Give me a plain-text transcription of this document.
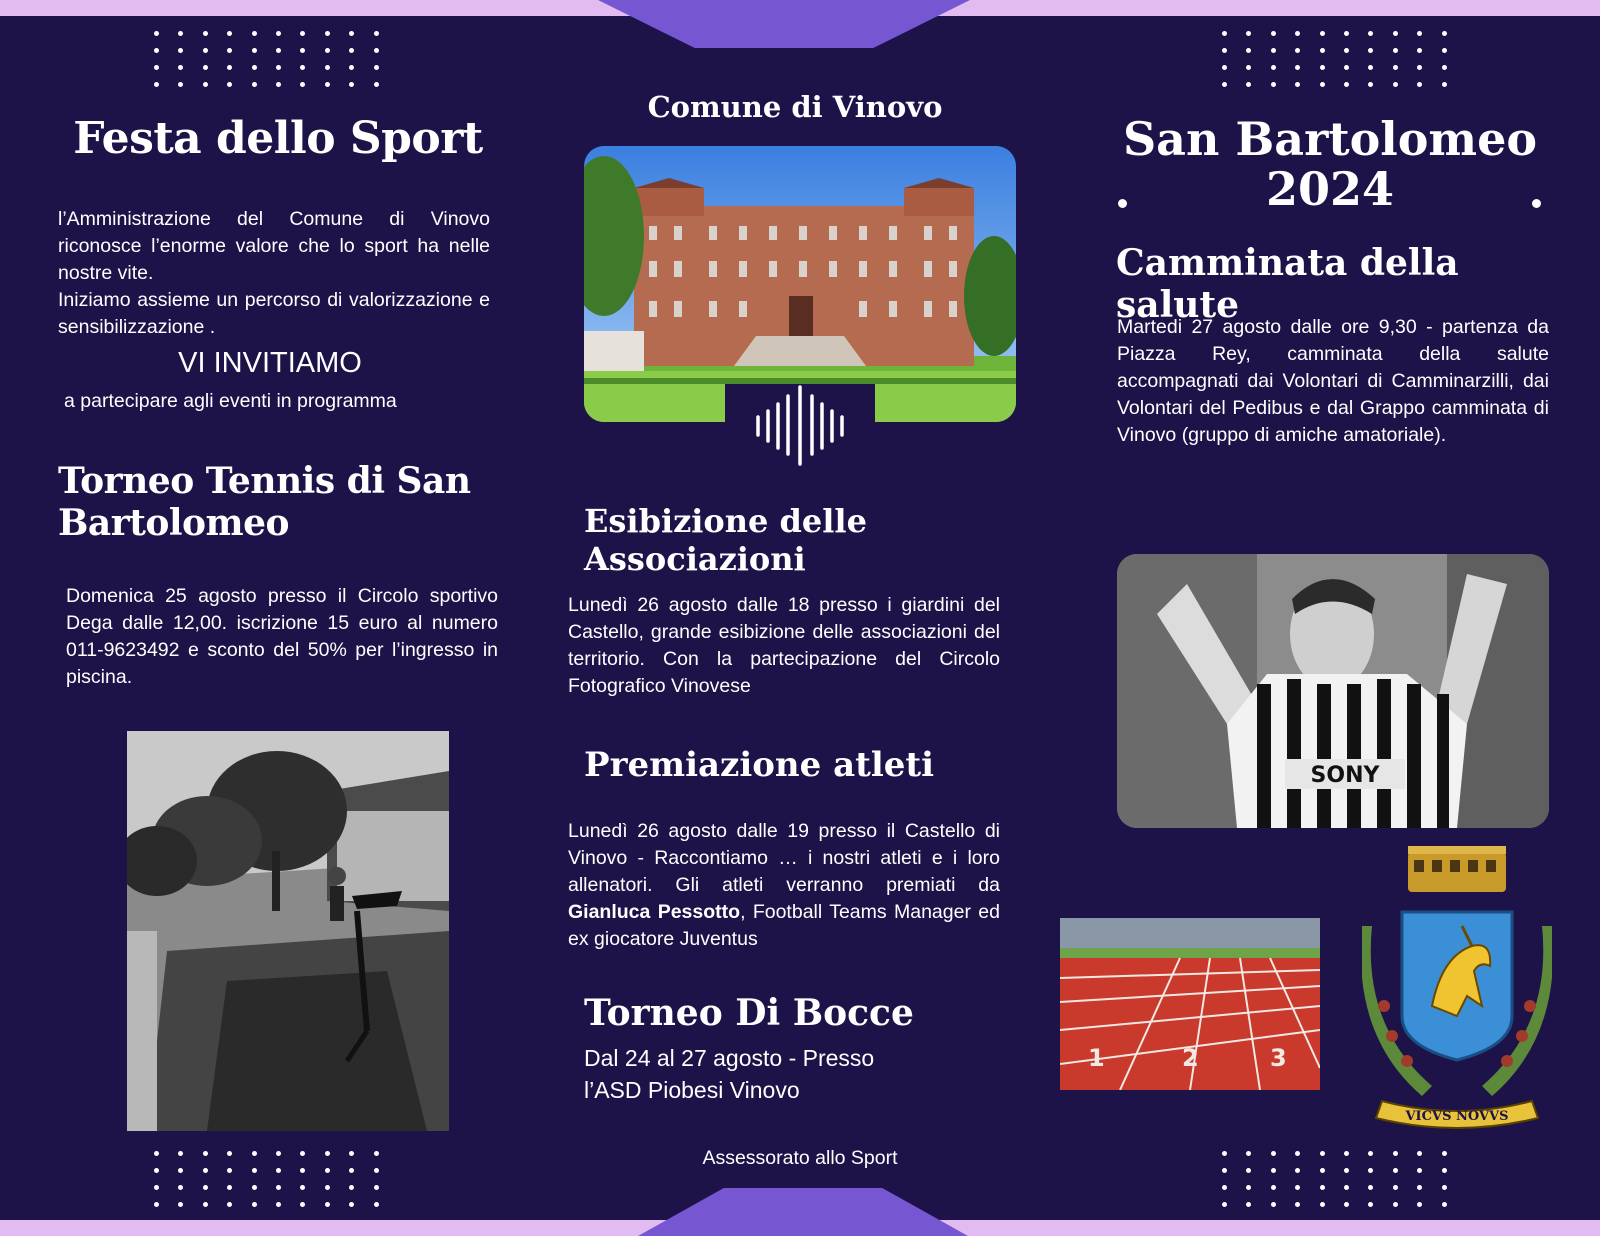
Festa dello Sport
l’Amministrazione del Comune di Vinovo riconosce l’enorme valore che lo sport ha nelle nostre vite.
Iniziamo assieme un percorso di valorizzazione e sensibilizzazione .
VI INVITIAMO
a partecipare agli eventi in programma
Torneo Tennis di San Bartolomeo
Domenica 25 agosto presso il Circolo sportivo Dega dalle 12,00. iscrizione 15 euro al numero 011-9623492 e sconto del 50% per l’ingresso in piscina.
Comune di Vinovo
Esibizione delle Associazioni
Lunedì 26 agosto dalle 18 presso i giardini del Castello, grande esibizione delle associazioni del territorio. Con la partecipazione del Circolo Fotografico Vinovese
Premiazione atleti
Lunedì 26 agosto dalle 19 presso il Castello di Vinovo - Raccontiamo … i nostri atleti e i loro allenatori. Gli atleti verranno premiati da Gianluca Pessotto, Football Teams Manager ed ex giocatore Juventus
Torneo Di Bocce
Dal 24 al 27 agosto - Presso
l’ASD Piobesi Vinovo
Assessorato allo Sport
San Bartolomeo
2024
Camminata della salute
Martedi 27 agosto dalle ore 9,30 - partenza da Piazza Rey, camminata della salute accompagnati dai Volontari di Camminarzilli, dai Volontari del Pedibus e dal Grappo camminata di Vinovo (gruppo di amiche amatoriale).
SONY
1	2	3
VICVS NOVVS
